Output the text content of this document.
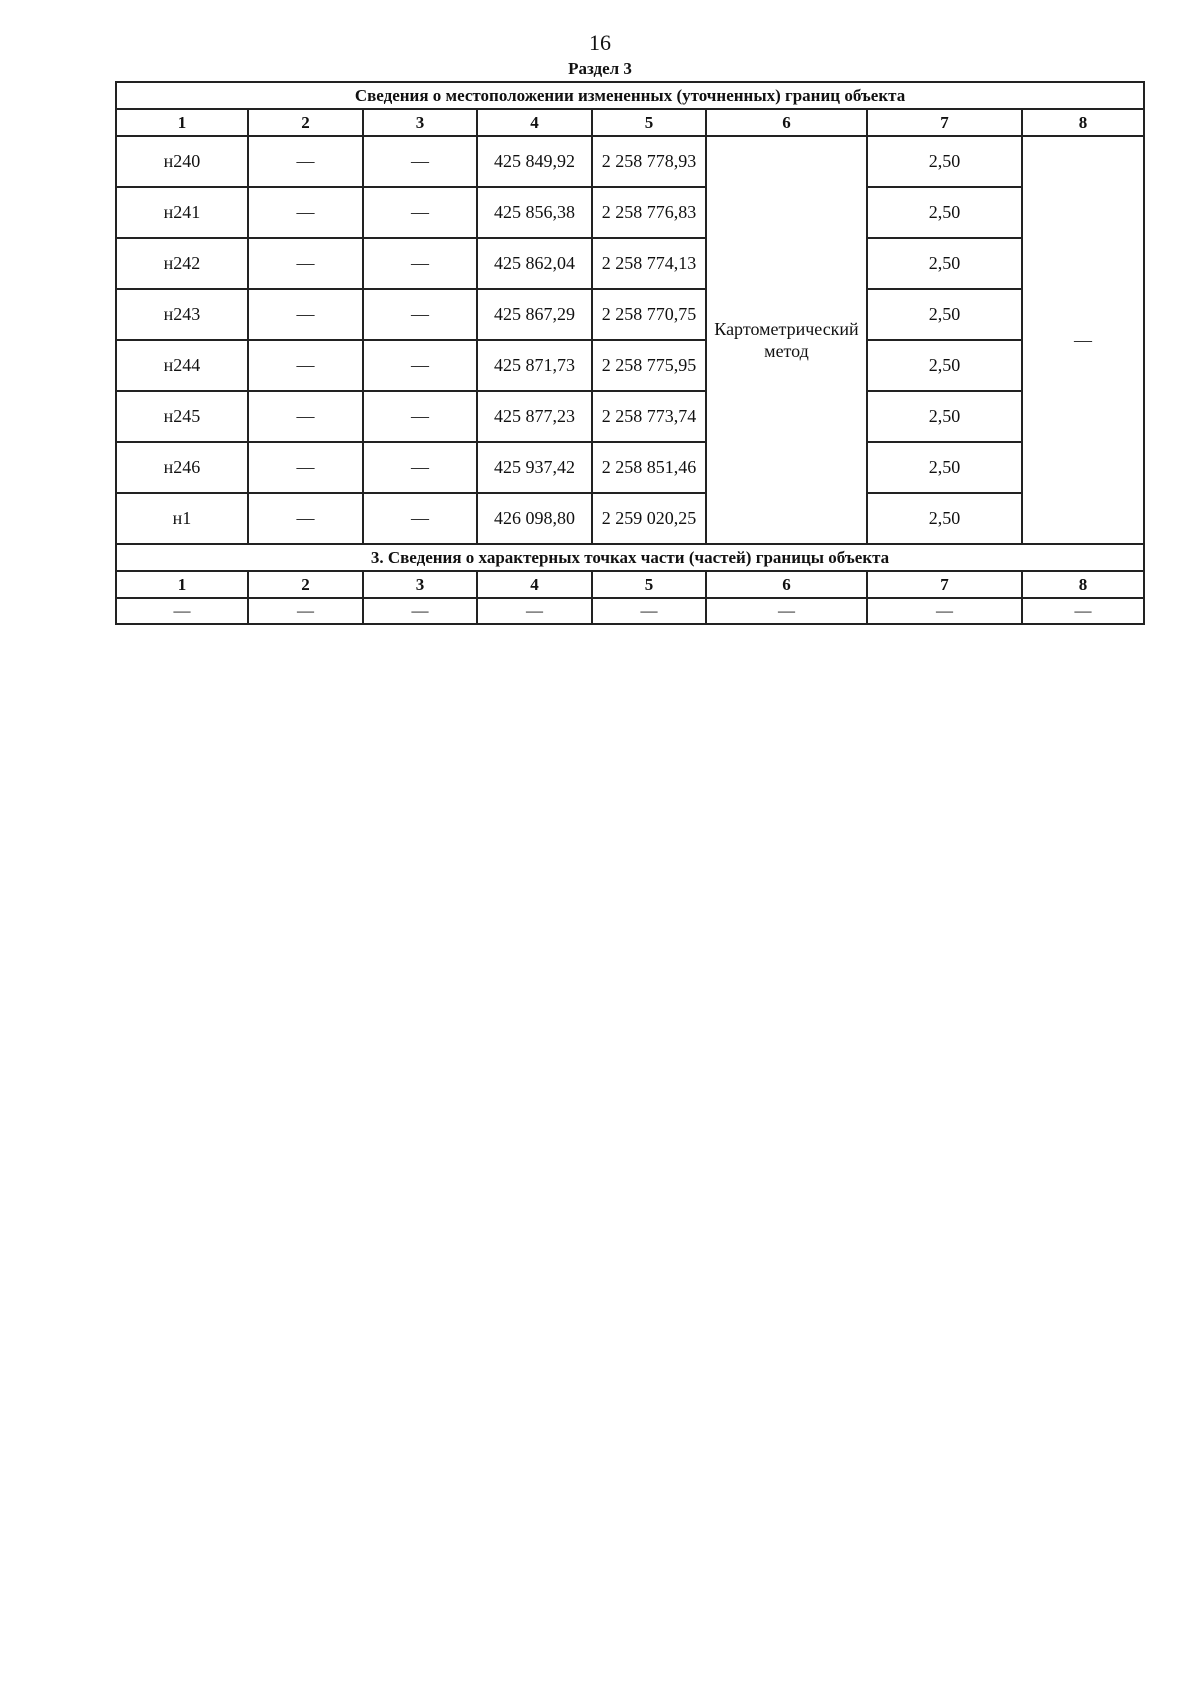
16
Раздел 3
Сведения о местоположении измененных (уточненных) границ объекта							
1	2	3	4	5	6	7	8
н240	—	—	425 849,92	2 258 778,93	Картометрический метод	2,50	—
н241	—	—	425 856,38	2 258 776,83		2,50	
н242	—	—	425 862,04	2 258 774,13		2,50	
н243	—	—	425 867,29	2 258 770,75		2,50	
н244	—	—	425 871,73	2 258 775,95		2,50	
н245	—	—	425 877,23	2 258 773,74		2,50	
н246	—	—	425 937,42	2 258 851,46		2,50	
н1	—	—	426 098,80	2 259 020,25		2,50	
3. Сведения о характерных точках части (частей) границы объекта							
1	2	3	4	5	6	7	8
—	—	—	—	—	—	—	—
